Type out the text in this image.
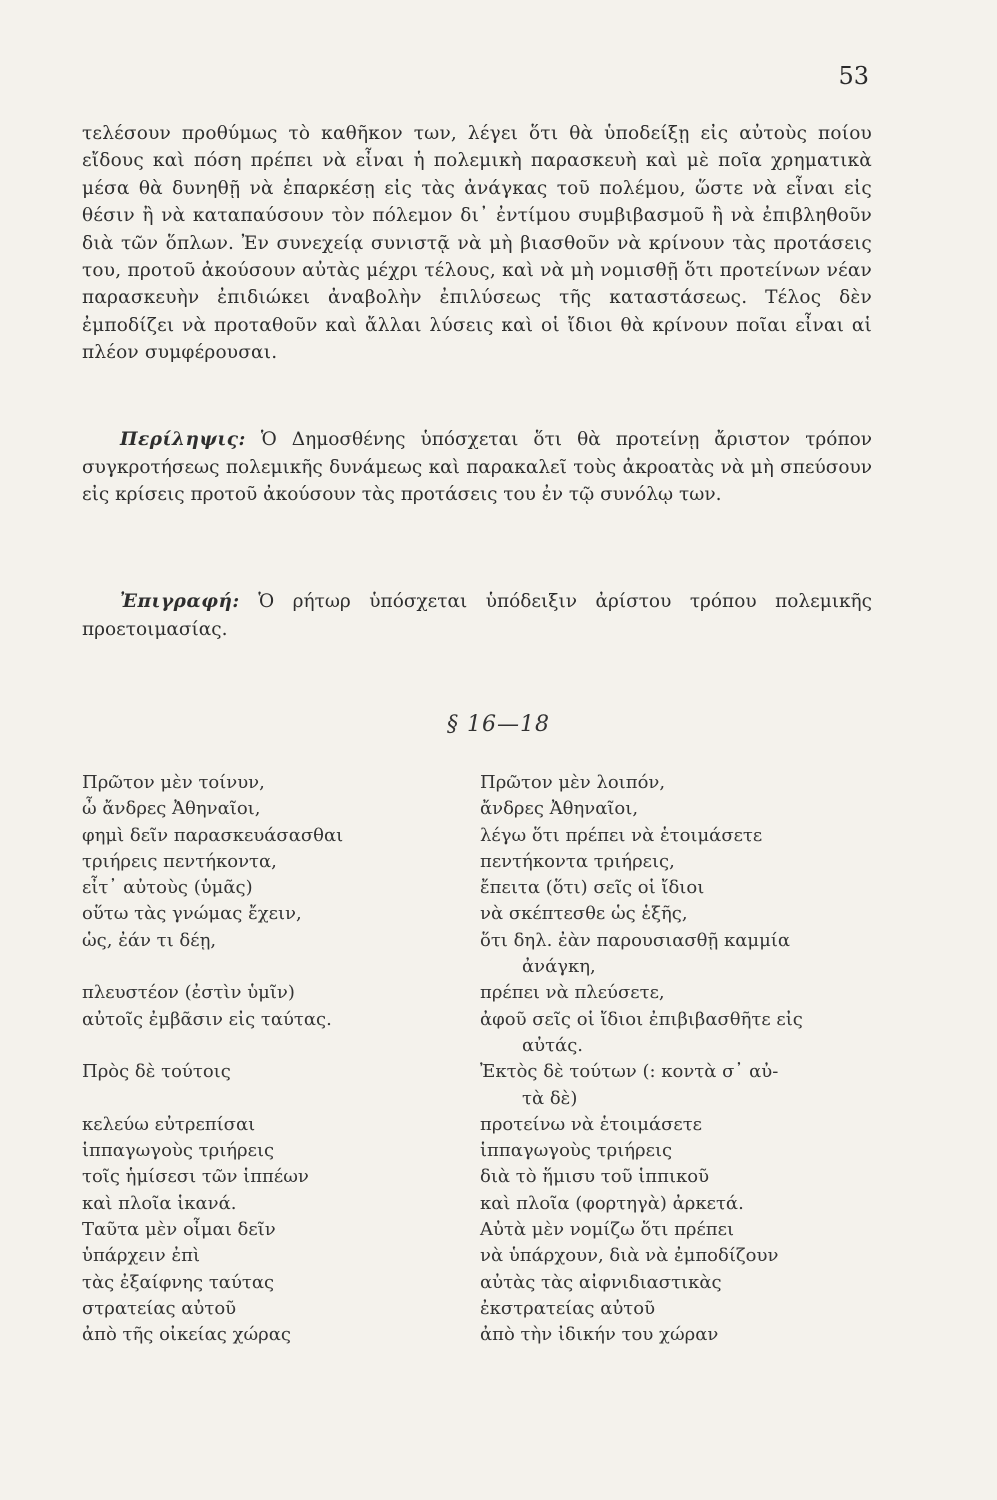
53
τελέσουν προθύμως τὸ καθῆκον των, λέγει ὅτι θὰ ὑποδείξῃ εἰς αὐτοὺς ποίου εἴδους καὶ πόση πρέπει νὰ εἶναι ἡ πολεμικὴ παρασκευὴ καὶ μὲ ποῖα χρηματικὰ μέσα θὰ δυνηθῇ νὰ ἐπαρκέσῃ εἰς τὰς ἀνάγκας τοῦ πολέμου, ὥστε νὰ εἶναι εἰς θέσιν ἢ νὰ καταπαύσουν τὸν πόλεμον δι᾽ ἐντίμου συμβιβασμοῦ ἢ νὰ ἐπιβληθοῦν διὰ τῶν ὅπλων. Ἐν συνεχείᾳ συνιστᾷ νὰ μὴ βιασθοῦν νὰ κρίνουν τὰς προτάσεις του, προτοῦ ἀκούσουν αὐτὰς μέχρι τέλους, καὶ νὰ μὴ νομισθῇ ὅτι προτείνων νέαν παρασκευὴν ἐπιδιώκει ἀναβολὴν ἐπιλύσεως τῆς καταστάσεως. Τέλος δὲν ἐμποδίζει νὰ προταθοῦν καὶ ἄλλαι λύσεις καὶ οἱ ἴδιοι θὰ κρίνουν ποῖαι εἶναι αἱ πλέον συμφέρουσαι.
Περίληψις: Ὁ Δημοσθένης ὑπόσχεται ὅτι θὰ προτείνῃ ἄριστον τρόπον συγκροτήσεως πολεμικῆς δυνάμεως καὶ παρακαλεῖ τοὺς ἀκροατὰς νὰ μὴ σπεύσουν εἰς κρίσεις προτοῦ ἀκούσουν τὰς προτάσεις του ἐν τῷ συνόλῳ των.
Ἐπιγραφή: Ὁ ρήτωρ ὑπόσχεται ὑπόδειξιν ἀρίστου τρόπου πολεμικῆς προετοιμασίας.
§ 16—18
Πρῶτον μὲν τοίνυν,
ὦ ἄνδρες Ἀθηναῖοι,
φημὶ δεῖν παρασκευάσασθαι
τριήρεις πεντήκοντα,
εἶτ᾽ αὐτοὺς (ὑμᾶς)
οὕτω τὰς γνώμας ἔχειν,
ὡς, ἐάν τι δέῃ,
πλευστέον (ἐστὶν ὑμῖν)
αὐτοῖς ἐμβᾶσιν εἰς ταύτας.
Πρὸς δὲ τούτοις
κελεύω εὐτρεπίσαι
ἱππαγωγοὺς τριήρεις
τοῖς ἡμίσεσι τῶν ἱππέων
καὶ πλοῖα ἱκανά.
Ταῦτα μὲν οἶμαι δεῖν
ὑπάρχειν ἐπὶ
τὰς ἐξαίφνης ταύτας
στρατείας αὐτοῦ
ἀπὸ τῆς οἰκείας χώρας
Πρῶτον μὲν λοιπόν,
ἄνδρες Ἀθηναῖοι,
λέγω ὅτι πρέπει νὰ ἑτοιμάσετε
πεντήκοντα τριήρεις,
ἔπειτα (ὅτι) σεῖς οἱ ἴδιοι
νὰ σκέπτεσθε ὡς ἑξῆς,
ὅτι δηλ. ἐὰν παρουσιασθῇ καμμία
ἀνάγκη,
πρέπει νὰ πλεύσετε,
ἀφοῦ σεῖς οἱ ἴδιοι ἐπιβιβασθῆτε εἰς
αὐτάς.
Ἐκτὸς δὲ τούτων (: κοντὰ σ᾽ αὐ-
τὰ δὲ)
προτείνω νὰ ἑτοιμάσετε
ἱππαγωγοὺς τριήρεις
διὰ τὸ ἥμισυ τοῦ ἱππικοῦ
καὶ πλοῖα (φορτηγὰ) ἀρκετά.
Αὐτὰ μὲν νομίζω ὅτι πρέπει
νὰ ὑπάρχουν, διὰ νὰ ἐμποδίζουν
αὐτὰς τὰς αἰφνιδιαστικὰς
ἐκστρατείας αὐτοῦ
ἀπὸ τὴν ἰδικήν του χώραν
